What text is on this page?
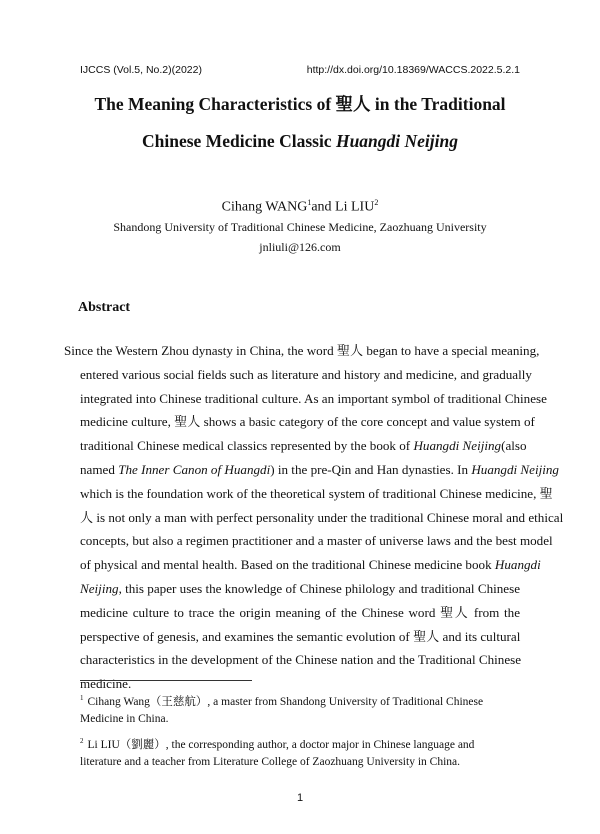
IJCCS (Vol.5, No.2)(2022)	http://dx.doi.org/10.18369/WACCS.2022.5.2.1
The Meaning Characteristics of 聖人 in the Traditional
Chinese Medicine Classic Huangdi Neijing
Cihang WANG$^1$and Li LIU$^2$
Shandong University of Traditional Chinese Medicine, Zaozhuang University
jnliuli@126.com
Abstract
Since the Western Zhou dynasty in China, the word 聖人 began to have a special meaning,
entered various social fields such as literature and history and medicine, and gradually
integrated into Chinese traditional culture. As an important symbol of traditional Chinese
medicine culture, 聖人 shows a basic category of the core concept and value system of
traditional Chinese medical classics represented by the book of Huangdi Neijing(also
named The Inner Canon of Huangdi) in the pre-Qin and Han dynasties. In Huangdi Neijing
which is the foundation work of the theoretical system of traditional Chinese medicine, 聖
人 is not only a man with perfect personality under the traditional Chinese moral and ethical
concepts, but also a regimen practitioner and a master of universe laws and the best model
of physical and mental health. Based on the traditional Chinese medicine book Huangdi
Neijing, this paper uses the knowledge of Chinese philology and traditional Chinese
medicine culture to trace the origin meaning of the Chinese word 聖人 from the
perspective of genesis, and examines the semantic evolution of 聖人 and its cultural
characteristics in the development of the Chinese nation and the Traditional Chinese
medicine.
$^1$ Cihang Wang（王慈航）, a master from Shandong University of Traditional Chinese
Medicine in China.
$^2$ Li LIU（劉麗）, the corresponding author, a doctor major in Chinese language and
literature and a teacher from Literature College of Zaozhuang University in China.
1
